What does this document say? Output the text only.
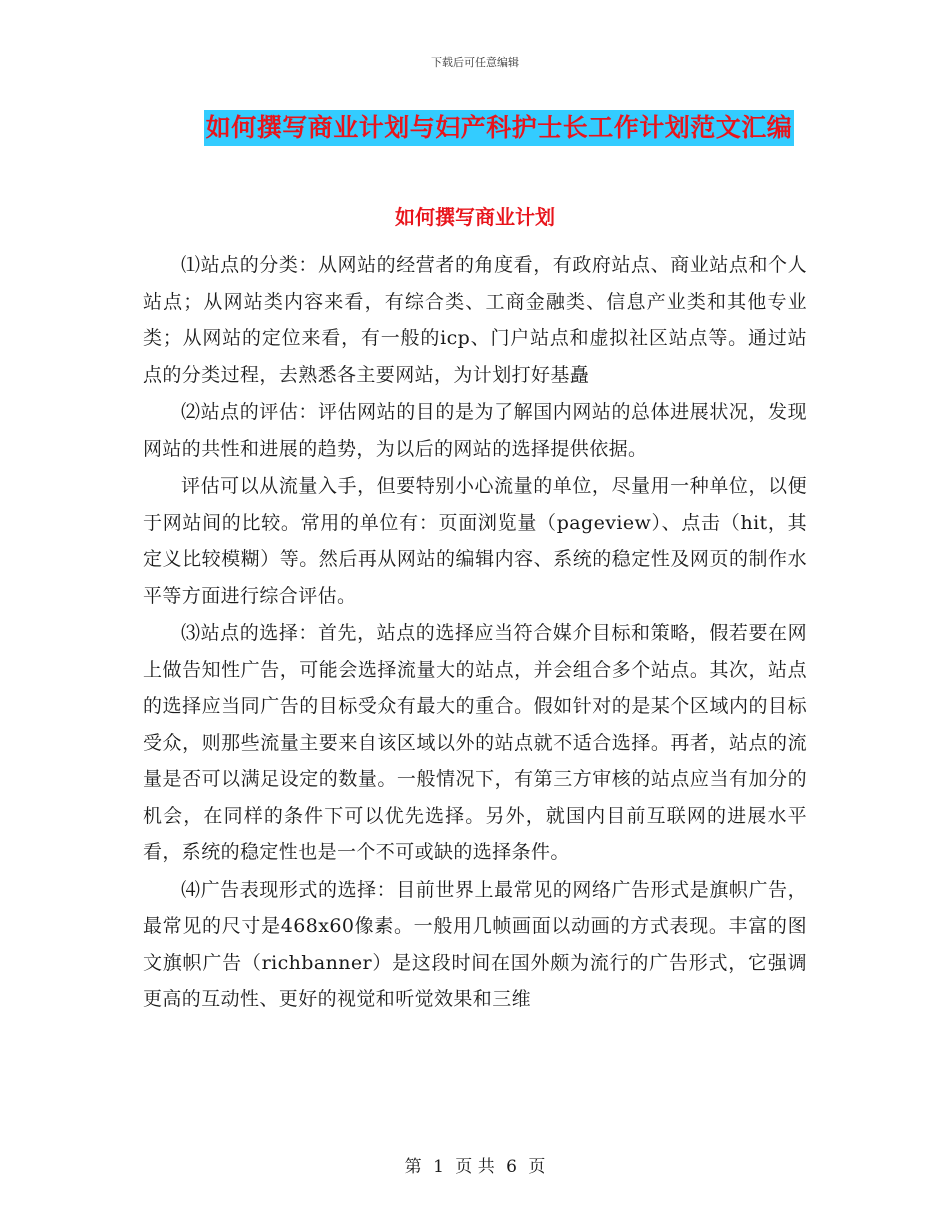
下载后可任意编辑
如何撰写商业计划与妇产科护士长工作计划范文汇编
如何撰写商业计划

⑴站点的分类：从网站的经营者的角度看，有政府站点、商业站点和个人站点；从网站类内容来看，有综合类、工商金融类、信息产业类和其他专业类；从网站的定位来看，有一般的icp、门户站点和虚拟社区站点等。通过站点的分类过程，去熟悉各主要网站，为计划打好基矗

⑵站点的评估：评估网站的目的是为了解国内网站的总体进展状况，发现网站的共性和进展的趋势，为以后的网站的选择提供依据。

评估可以从流量入手，但要特别小心流量的单位，尽量用一种单位，以便于网站间的比较。常用的单位有：页面浏览量（pageview）、点击（hit，其定义比较模糊）等。然后再从网站的编辑内容、系统的稳定性及网页的制作水平等方面进行综合评估。

⑶站点的选择：首先，站点的选择应当符合媒介目标和策略，假若要在网上做告知性广告，可能会选择流量大的站点，并会组合多个站点。其次，站点的选择应当同广告的目标受众有最大的重合。假如针对的是某个区域内的目标受众，则那些流量主要来自该区域以外的站点就不适合选择。再者，站点的流量是否可以满足设定的数量。一般情况下，有第三方审核的站点应当有加分的机会，在同样的条件下可以优先选择。另外，就国内目前互联网的进展水平看，系统的稳定性也是一个不可或缺的选择条件。

⑷广告表现形式的选择：目前世界上最常见的网络广告形式是旗帜广告，最常见的尺寸是468x60像素。一般用几帧画面以动画的方式表现。丰富的图文旗帜广告（richbanner）是这段时间在国外颇为流行的广告形式，它强调更高的互动性、更好的视觉和听觉效果和三维

第 1 页 共 6 页
